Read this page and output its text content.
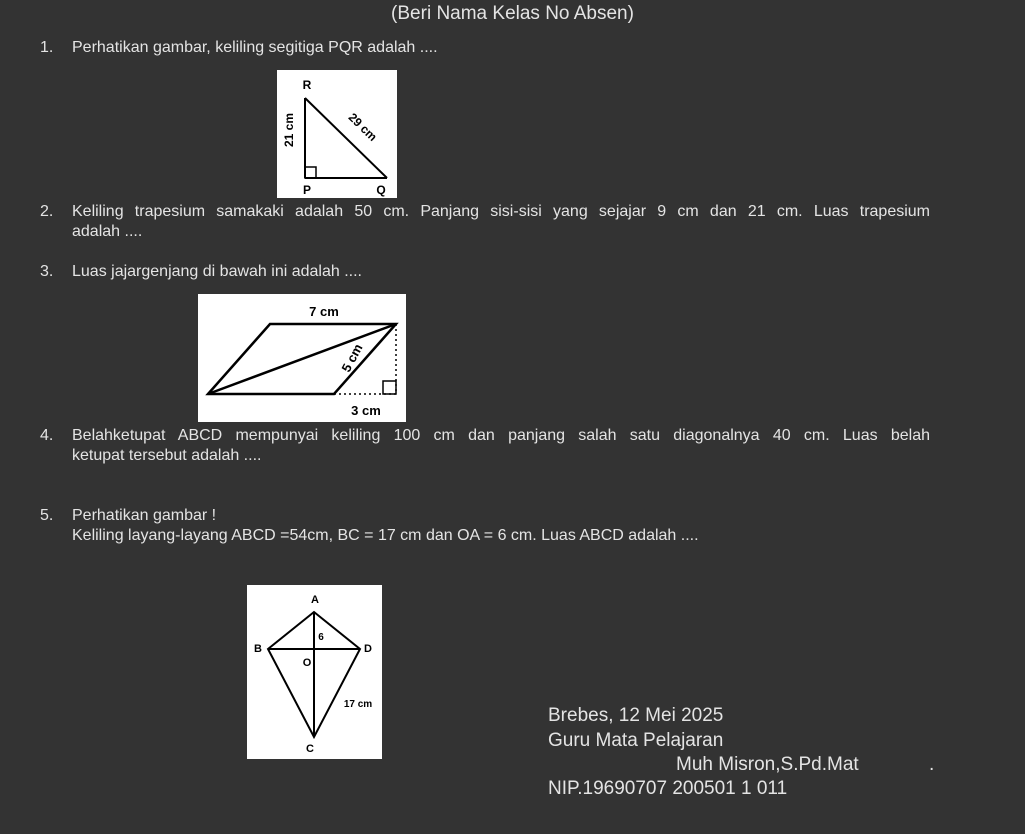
(Beri Nama Kelas No Absen)
1.	Perhatikan gambar, keliling segitiga PQR adalah ....
R
P	Q
21 cm	29 cm
2.	Keliling trapesium samakaki adalah 50 cm. Panjang sisi-sisi yang sejajar 9 cm dan 21 cm. Luas trapesium
adalah ....
3.	Luas jajargenjang di bawah ini adalah ....
7 cm
3 cm
5 cm
4.	Belahketupat ABCD mempunyai keliling 100 cm dan panjang salah satu diagonalnya 40 cm. Luas belah
ketupat tersebut adalah ....
5.	Perhatikan gambar !
Keliling layang-layang ABCD =54cm, BC = 17 cm dan OA = 6 cm. Luas ABCD adalah ....
A
B	D
C
O
6
17 cm
Brebes, 12 Mei 2025
Guru Mata Pelajaran
Muh Misron,S.Pd.Mat	.
NIP.19690707 200501 1 011
